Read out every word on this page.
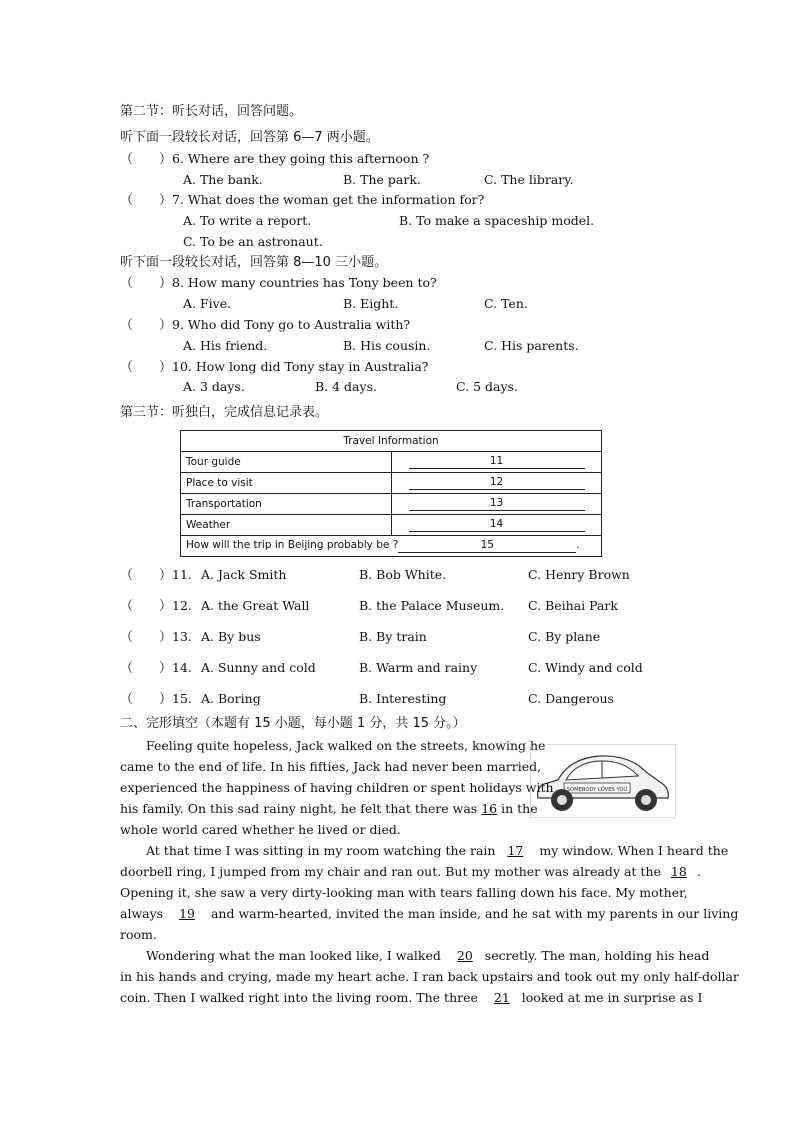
第二节：听长对话，回答问题。
听下面一段较长对话，回答第 6—7 两小题。
（　　）6. Where are they going this afternoon ?
A. The bank.	B. The park.	C. The library.
（　　）7. What does the woman get the information for?
A. To write a report.	B. To make a spaceship model.
C. To be an astronaut.
听下面一段较长对话，回答第 8—10 三小题。
（　　）8. How many countries has Tony been to?
A. Five.	B. Eight.	C. Ten.
（　　）9. Who did Tony go to Australia with?
A. His friend.	B. His cousin.	C. His parents.
（　　）10. How long did Tony stay in Australia?
A. 3 days.	B. 4 days.	C. 5 days.
第三节：听独白，完成信息记录表。
Travel Information	
Tour guide	11
Place to visit	12
Transportation	13
Weather	14
How will the trip in Beijing probably be ? 15 .	
（　　）11. A. Jack Smith	B. Bob White.	C. Henry Brown
（　　）12. A. the Great Wall	B. the Palace Museum. C. Beihai Park
（　　）13. A. By bus	B. By train	C. By plane
（　　）14. A. Sunny and cold	B. Warm and rainy	C. Windy and cold
（　　）15. A. Boring	B. Interesting	C. Dangerous
二、完形填空（本题有 15 小题，每小题 1 分，共 15 分。）
SOMEBODY LOVES YOU
Feeling quite hopeless, Jack walked on the streets, knowing he
came to the end of life. In his fifties, Jack had never been married,
experienced the happiness of having children or spent holidays with
his family. On this sad rainy night, he felt that there was 16 in the
whole world cared whether he lived or died.
At that time I was sitting in my room watching the rain 17 my window. When I heard the
doorbell ring, I jumped from my chair and ran out. But my mother was already at the 18 .
Opening it, she saw a very dirty-looking man with tears falling down his face. My mother,
always 19 and warm-hearted, invited the man inside, and he sat with my parents in our living
room.
Wondering what the man looked like, I walked 20 secretly. The man, holding his head
in his hands and crying, made my heart ache. I ran back upstairs and took out my only half-dollar
coin. Then I walked right into the living room. The three 21 looked at me in surprise as I
